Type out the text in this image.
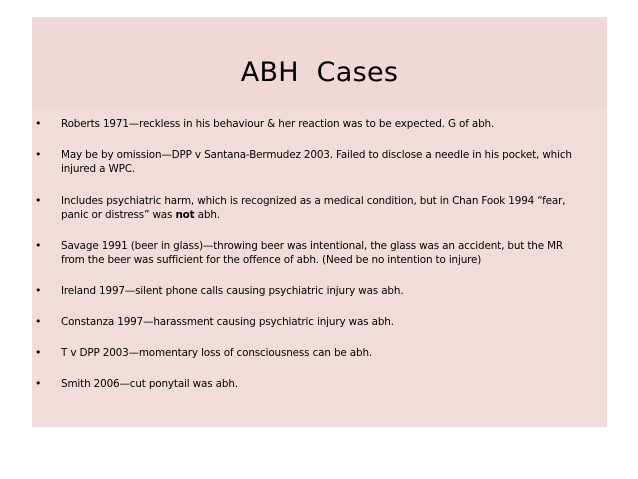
ABH  Cases
• Roberts 1971—reckless in his behaviour & her reaction was to be expected. G of abh.
• May be by omission—DPP v Santana-Bermudez 2003. Failed to disclose a needle in his pocket, which injured a WPC.
• Includes psychiatric harm, which is recognized as a medical condition, but in Chan Fook 1994 “fear, panic or distress” was not abh.
• Savage 1991 (beer in glass)—throwing beer was intentional, the glass was an accident, but the MR from the beer was sufficient for the offence of abh. (Need be no intention to injure)
• Ireland 1997—silent phone calls causing psychiatric injury was abh.
• Constanza 1997—harassment causing psychiatric injury was abh.
• T v DPP 2003—momentary loss of consciousness can be abh.
• Smith 2006—cut ponytail was abh.
